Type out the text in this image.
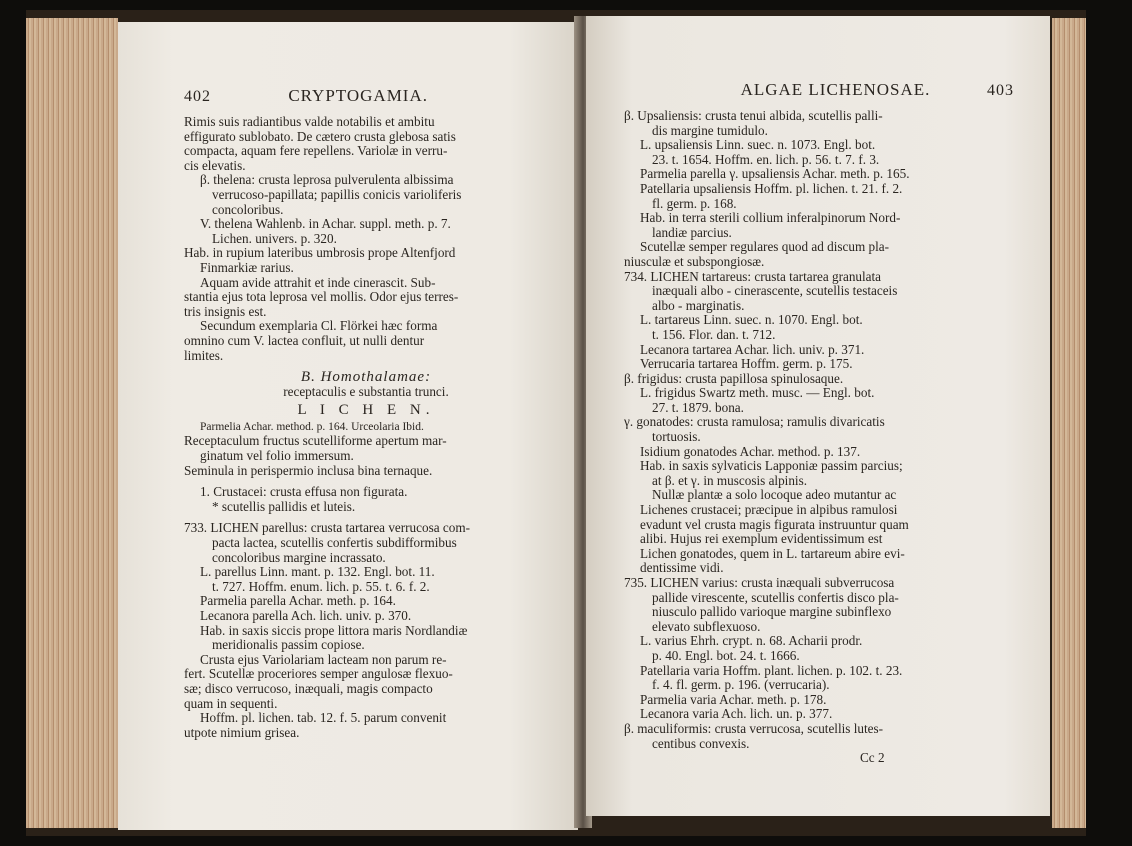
402	CRYPTOGAMIA.
Rimis suis radiantibus valde notabilis et ambitu
effigurato sublobato. De cætero crusta glebosa satis
compacta, aquam fere repellens. Variolæ in verru-
cis elevatis.
β. thelena: crusta leprosa pulverulenta albissima
verrucoso-papillata; papillis conicis varioliferis
concoloribus.
V. thelena Wahlenb. in Achar. suppl. meth. p. 7.
Lichen. univers. p. 320.
Hab. in rupium lateribus umbrosis prope Altenfjord
Finmarkiæ rarius.
Aquam avide attrahit et inde cinerascit. Sub-
stantia ejus tota leprosa vel mollis. Odor ejus terres-
tris insignis est.
Secundum exemplaria Cl. Flörkei hæc forma
omnino cum V. lactea confluit, ut nulli dentur
limites.
B. Homothalamae:
receptaculis e substantia trunci.
L I C H E N.
Parmelia Achar. method. p. 164. Urceolaria Ibid.
Receptaculum fructus scutelliforme apertum mar-
ginatum vel folio immersum.
Seminula in perispermio inclusa bina ternaque.
1. Crustacei: crusta effusa non figurata.
* scutellis pallidis et luteis.
733. LICHEN parellus: crusta tartarea verrucosa com-
pacta lactea, scutellis confertis subdifformibus
concoloribus margine incrassato.
L. parellus Linn. mant. p. 132. Engl. bot. 11.
t. 727. Hoffm. enum. lich. p. 55. t. 6. f. 2.
Parmelia parella Achar. meth. p. 164.
Lecanora parella Ach. lich. univ. p. 370.
Hab. in saxis siccis prope littora maris Nordlandiæ
meridionalis passim copiose.
Crusta ejus Variolariam lacteam non parum re-
fert. Scutellæ proceriores semper angulosæ flexuo-
sæ; disco verrucoso, inæquali, magis compacto
quam in sequenti.
Hoffm. pl. lichen. tab. 12. f. 5. parum convenit
utpote nimium grisea.
ALGAE LICHENOSAE.	403
β. Upsaliensis: crusta tenui albida, scutellis palli-
dis margine tumidulo.
L. upsaliensis Linn. suec. n. 1073. Engl. bot.
23. t. 1654. Hoffm. en. lich. p. 56. t. 7. f. 3.
Parmelia parella γ. upsaliensis Achar. meth. p. 165.
Patellaria upsaliensis Hoffm. pl. lichen. t. 21. f. 2.
fl. germ. p. 168.
Hab. in terra sterili collium inferalpinorum Nord-
landiæ parcius.
Scutellæ semper regulares quod ad discum pla-
niusculæ et subspongiosæ.
734. LICHEN tartareus: crusta tartarea granulata
inæquali albo - cinerascente, scutellis testaceis
albo - marginatis.
L. tartareus Linn. suec. n. 1070. Engl. bot.
t. 156. Flor. dan. t. 712.
Lecanora tartarea Achar. lich. univ. p. 371.
Verrucaria tartarea Hoffm. germ. p. 175.
β. frigidus: crusta papillosa spinulosaque.
L. frigidus Swartz meth. musc. — Engl. bot.
27. t. 1879. bona.
γ. gonatodes: crusta ramulosa; ramulis divaricatis
tortuosis.
Isidium gonatodes Achar. method. p. 137.
Hab. in saxis sylvaticis Lapponiæ passim parcius;
at β. et γ. in muscosis alpinis.
Nullæ plantæ a solo locoque adeo mutantur ac
Lichenes crustacei; præcipue in alpibus ramulosi
evadunt vel crusta magis figurata instruuntur quam
alibi. Hujus rei exemplum evidentissimum est
Lichen gonatodes, quem in L. tartareum abire evi-
dentissime vidi.
735. LICHEN varius: crusta inæquali subverrucosa
pallide virescente, scutellis confertis disco pla-
niusculo pallido varioque margine subinflexo
elevato subflexuoso.
L. varius Ehrh. crypt. n. 68. Acharii prodr.
p. 40. Engl. bot. 24. t. 1666.
Patellaria varia Hoffm. plant. lichen. p. 102. t. 23.
f. 4. fl. germ. p. 196. (verrucaria).
Parmelia varia Achar. meth. p. 178.
Lecanora varia Ach. lich. un. p. 377.
β. maculiformis: crusta verrucosa, scutellis lutes-
centibus convexis.
Cc 2
